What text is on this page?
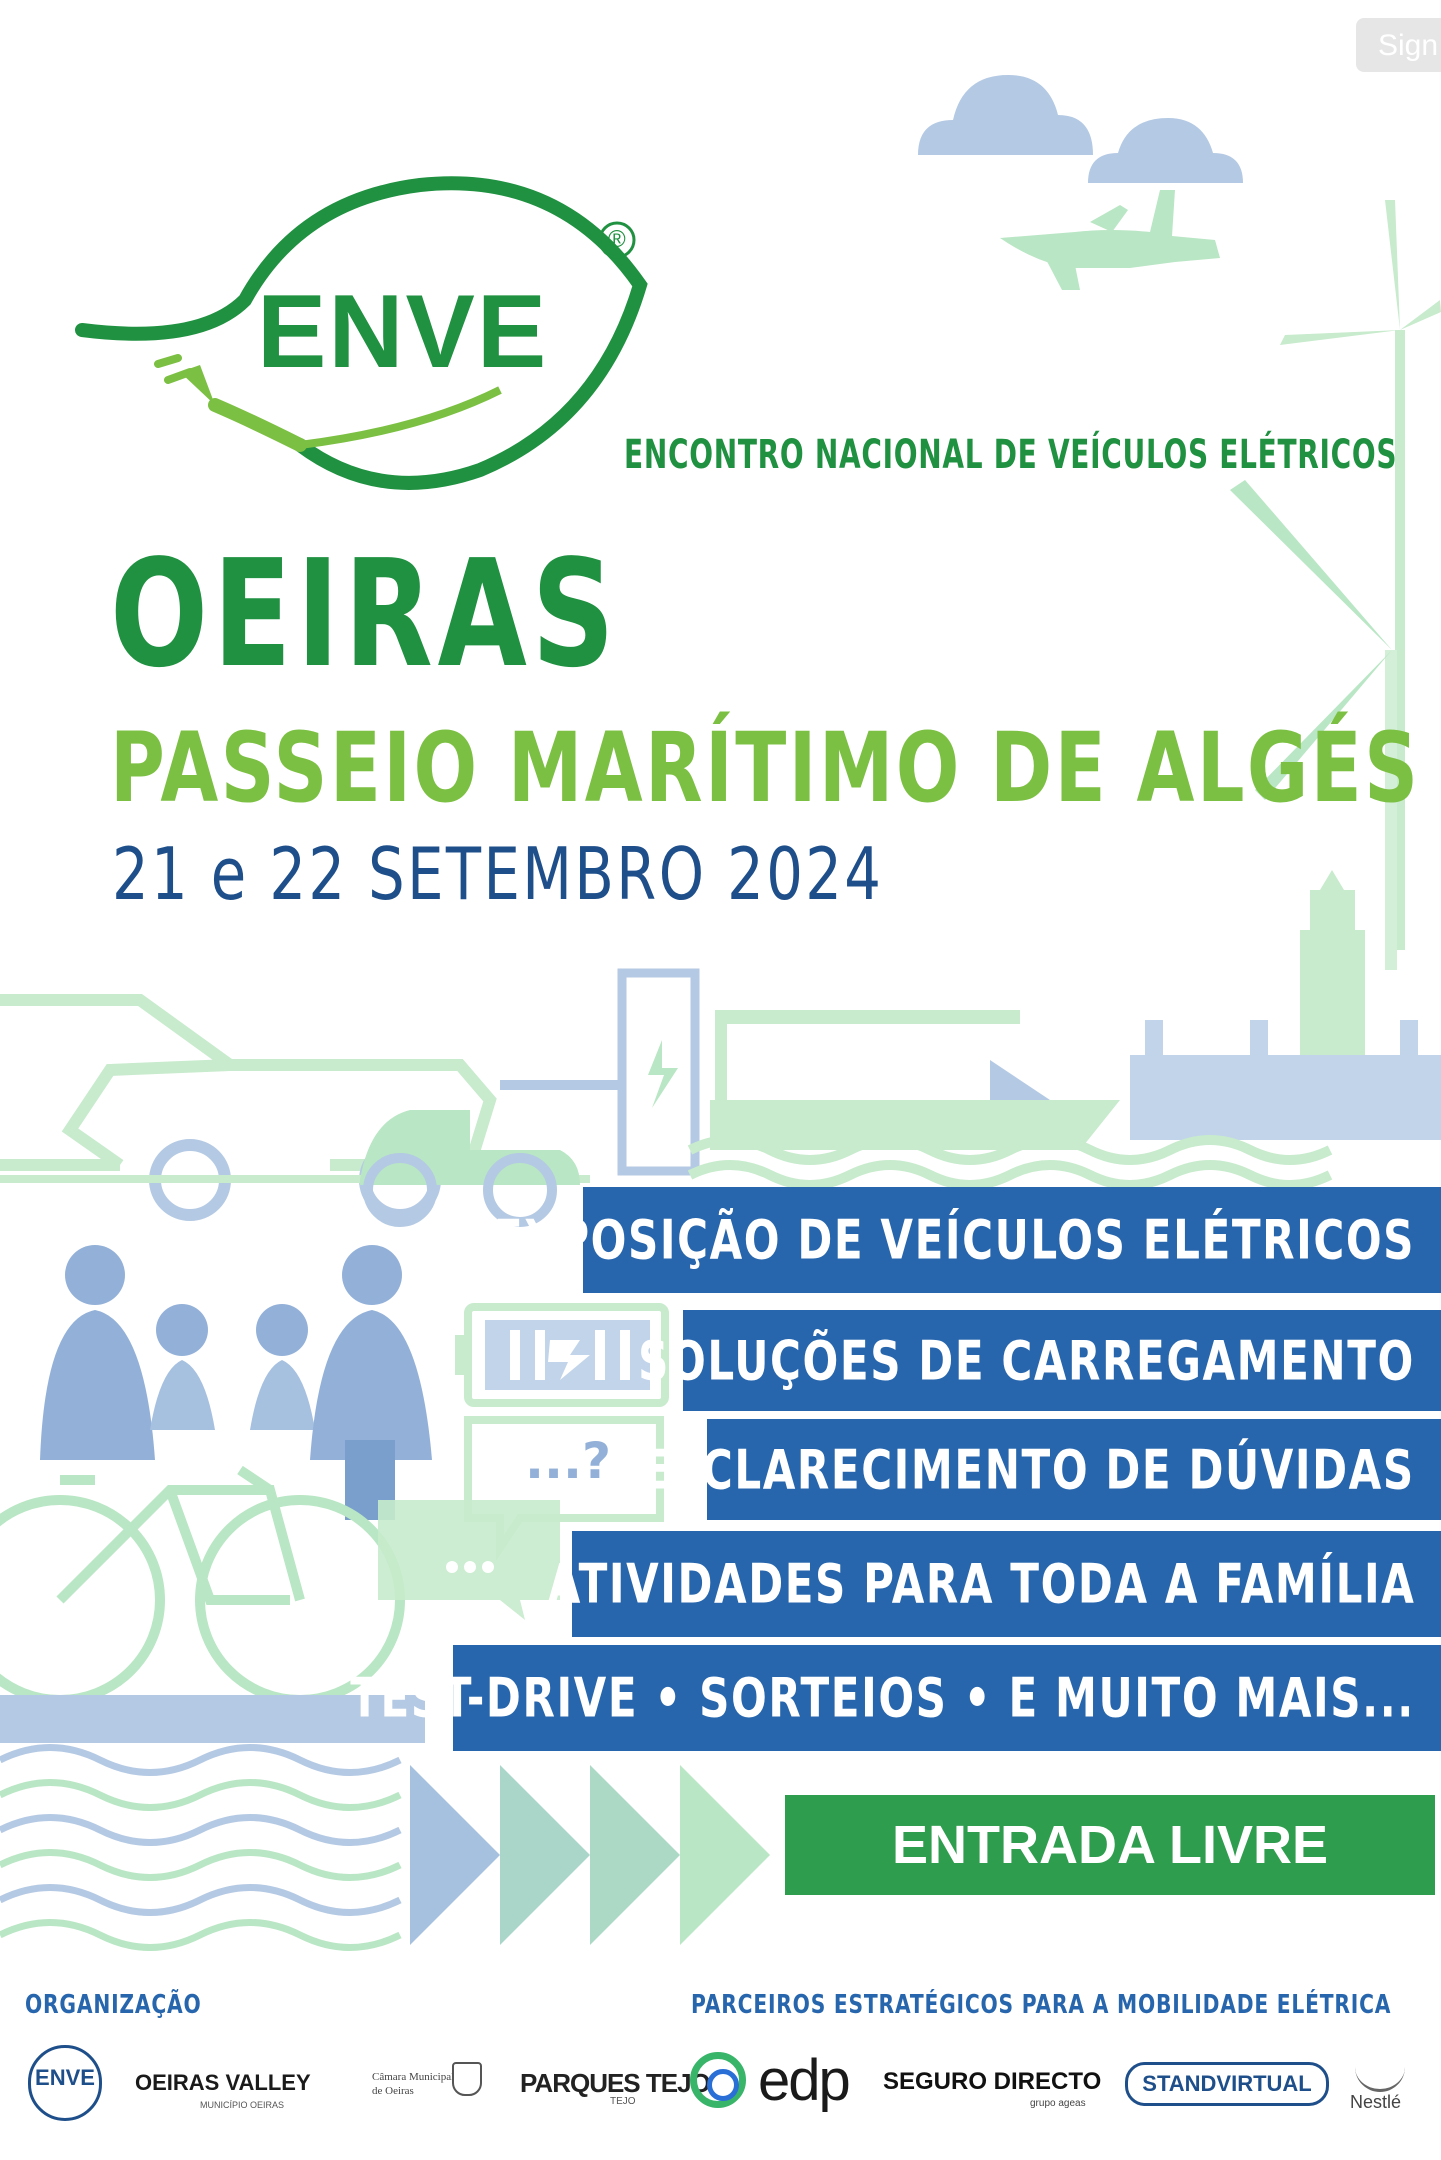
Sign
ENVE
®
ENCONTRO NACIONAL DE VEÍCULOS ELÉTRICOS
OEIRAS
PASSEIO MARÍTIMO DE ALGÉS
21 e 22 SETEMBRO 2024
EXPOSIÇÃO DE VEÍCULOS ELÉTRICOS
SOLUÇÕES DE CARREGAMENTO
ESCLARECIMENTO DE DÚVIDAS
ATIVIDADES PARA TODA A FAMÍLIA
TEST-DRIVE • SORTEIOS • E MUITO MAIS...
...?
ENTRADA LIVRE
ORGANIZAÇÃO	PARCEIROS ESTRATÉGICOS PARA A MOBILIDADE ELÉTRICA
ENVE	OEIRAS VALLEY
MUNICÍPIO OEIRAS
Câmara Municipal de Oeiras	PARQUES TEJO
TEJO edp SEGURO DIRECTO
grupo ageas
STANDVIRTUAL
Nestlé
